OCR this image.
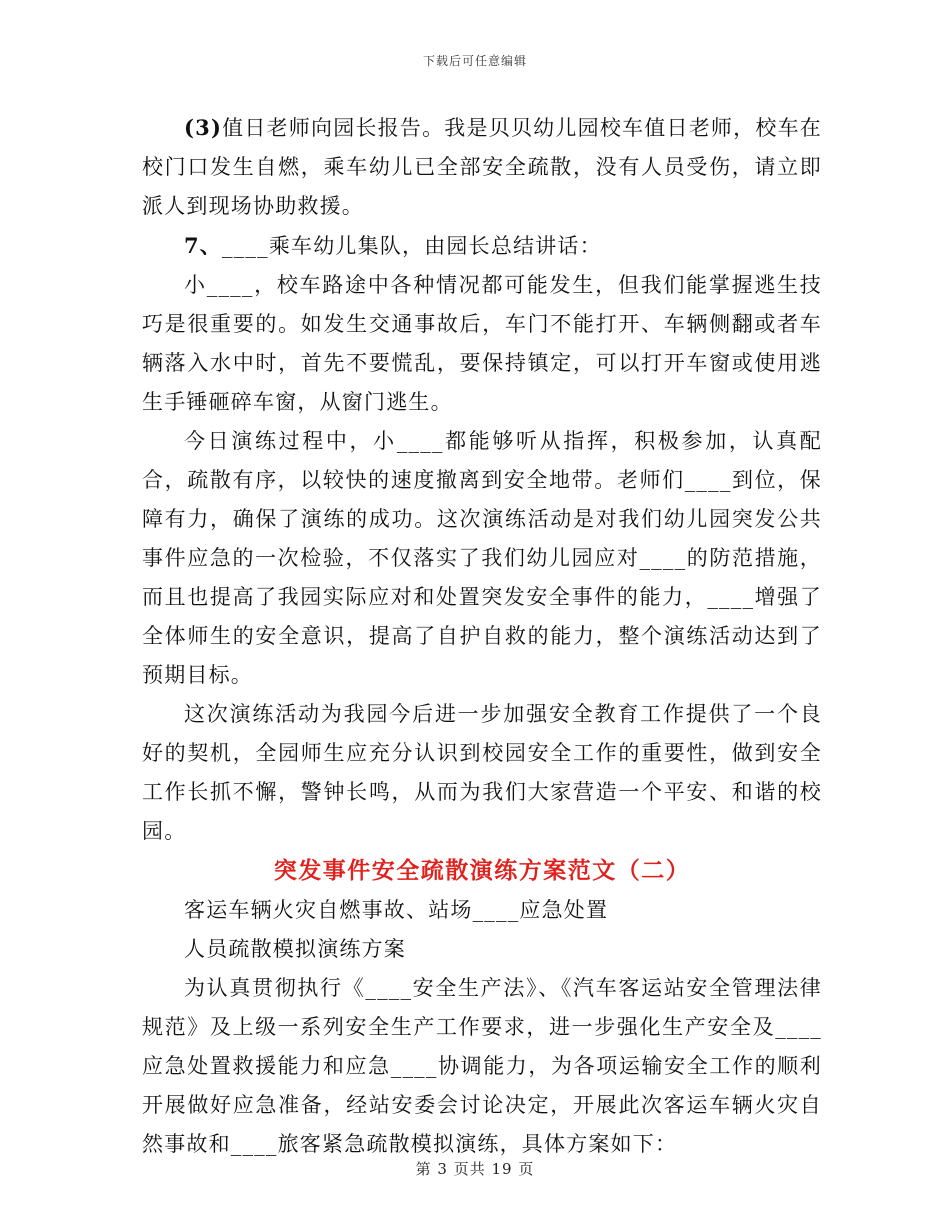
下载后可任意编辑

(3)值日老师向园长报告。我是贝贝幼儿园校车值日老师，校车在校门口发生自燃，乘车幼儿已全部安全疏散，没有人员受伤，请立即派人到现场协助救援。

7、____乘车幼儿集队，由园长总结讲话：

小____，校车路途中各种情况都可能发生，但我们能掌握逃生技巧是很重要的。如发生交通事故后，车门不能打开、车辆侧翻或者车辆落入水中时，首先不要慌乱，要保持镇定，可以打开车窗或使用逃生手锤砸碎车窗，从窗门逃生。

今日演练过程中，小____都能够听从指挥，积极参加，认真配合，疏散有序，以较快的速度撤离到安全地带。老师们____到位，保障有力，确保了演练的成功。这次演练活动是对我们幼儿园突发公共事件应急的一次检验，不仅落实了我们幼儿园应对____的防范措施，而且也提高了我园实际应对和处置突发安全事件的能力，____增强了全体师生的安全意识，提高了自护自救的能力，整个演练活动达到了预期目标。

这次演练活动为我园今后进一步加强安全教育工作提供了一个良好的契机，全园师生应充分认识到校园安全工作的重要性，做到安全工作长抓不懈，警钟长鸣，从而为我们大家营造一个平安、和谐的校园。

突发事件安全疏散演练方案范文（二）

客运车辆火灾自燃事故、站场____应急处置

人员疏散模拟演练方案

为认真贯彻执行《____安全生产法》、《汽车客运站安全管理法律规范》及上级一系列安全生产工作要求，进一步强化生产安全及____应急处置救援能力和应急____协调能力，为各项运输安全工作的顺利开展做好应急准备，经站安委会讨论决定，开展此次客运车辆火灾自然事故和____旅客紧急疏散模拟演练，具体方案如下：

第 3 页共 19 页
